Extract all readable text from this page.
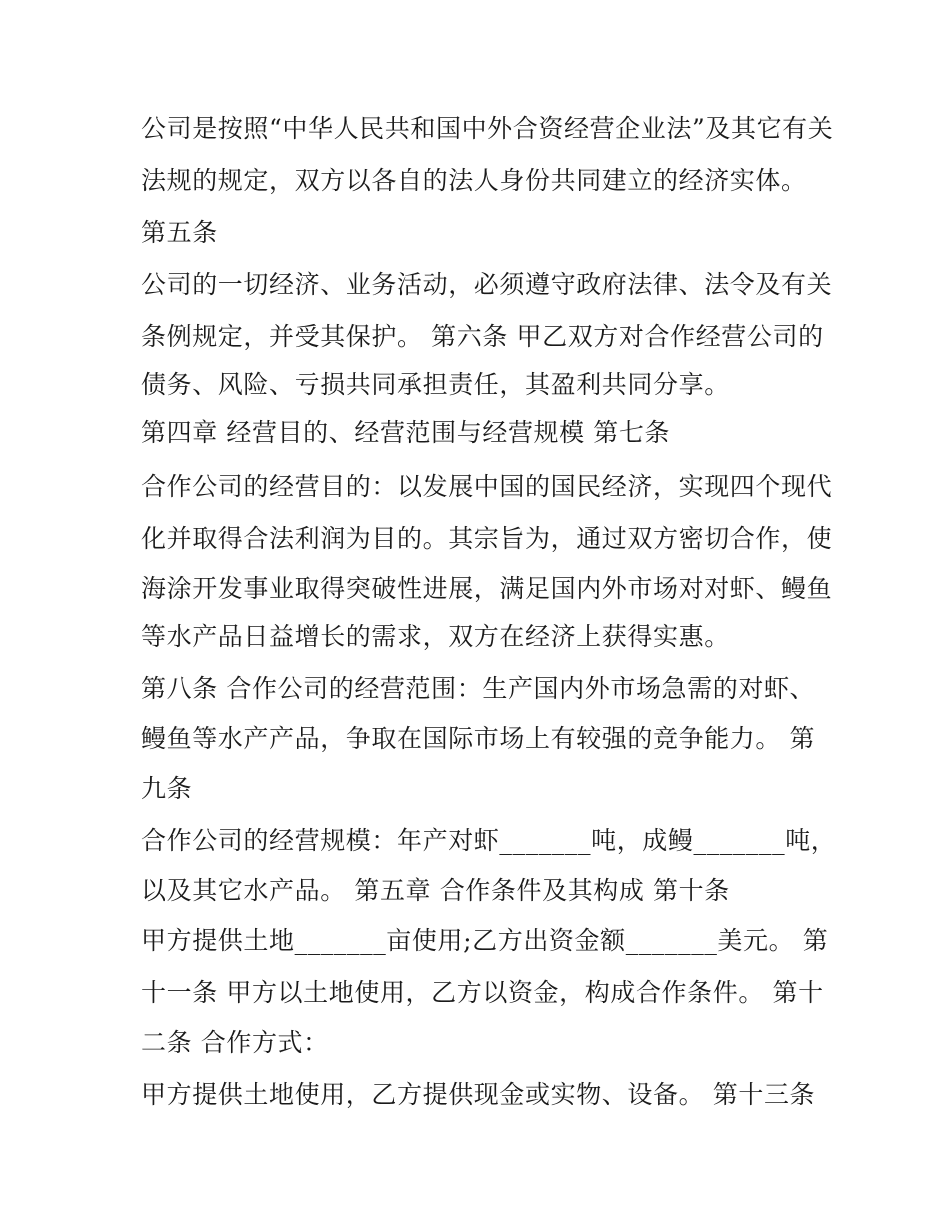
公司是按照“中华人民共和国中外合资经营企业法”及其它有关

法规的规定，双方以各自的法人身份共同建立的经济实体。

第五条

公司的一切经济、业务活动，必须遵守政府法律、法令及有关

条例规定，并受其保护。 第六条 甲乙双方对合作经营公司的

债务、风险、亏损共同承担责任，其盈利共同分享。

第四章 经营目的、经营范围与经营规模 第七条

合作公司的经营目的：以发展中国的国民经济，实现四个现代

化并取得合法利润为目的。其宗旨为，通过双方密切合作，使

海涂开发事业取得突破性进展，满足国内外市场对对虾、鳗鱼

等水产品日益增长的需求，双方在经济上获得实惠。

第八条 合作公司的经营范围：生产国内外市场急需的对虾、

鳗鱼等水产产品，争取在国际市场上有较强的竞争能力。 第

九条

合作公司的经营规模：年产对虾_______吨，成鳗_______吨，

以及其它水产品。 第五章 合作条件及其构成 第十条

甲方提供土地_______亩使用;乙方出资金额_______美元。 第

十一条 甲方以土地使用，乙方以资金，构成合作条件。 第十

二条 合作方式：

甲方提供土地使用，乙方提供现金或实物、设备。 第十三条
